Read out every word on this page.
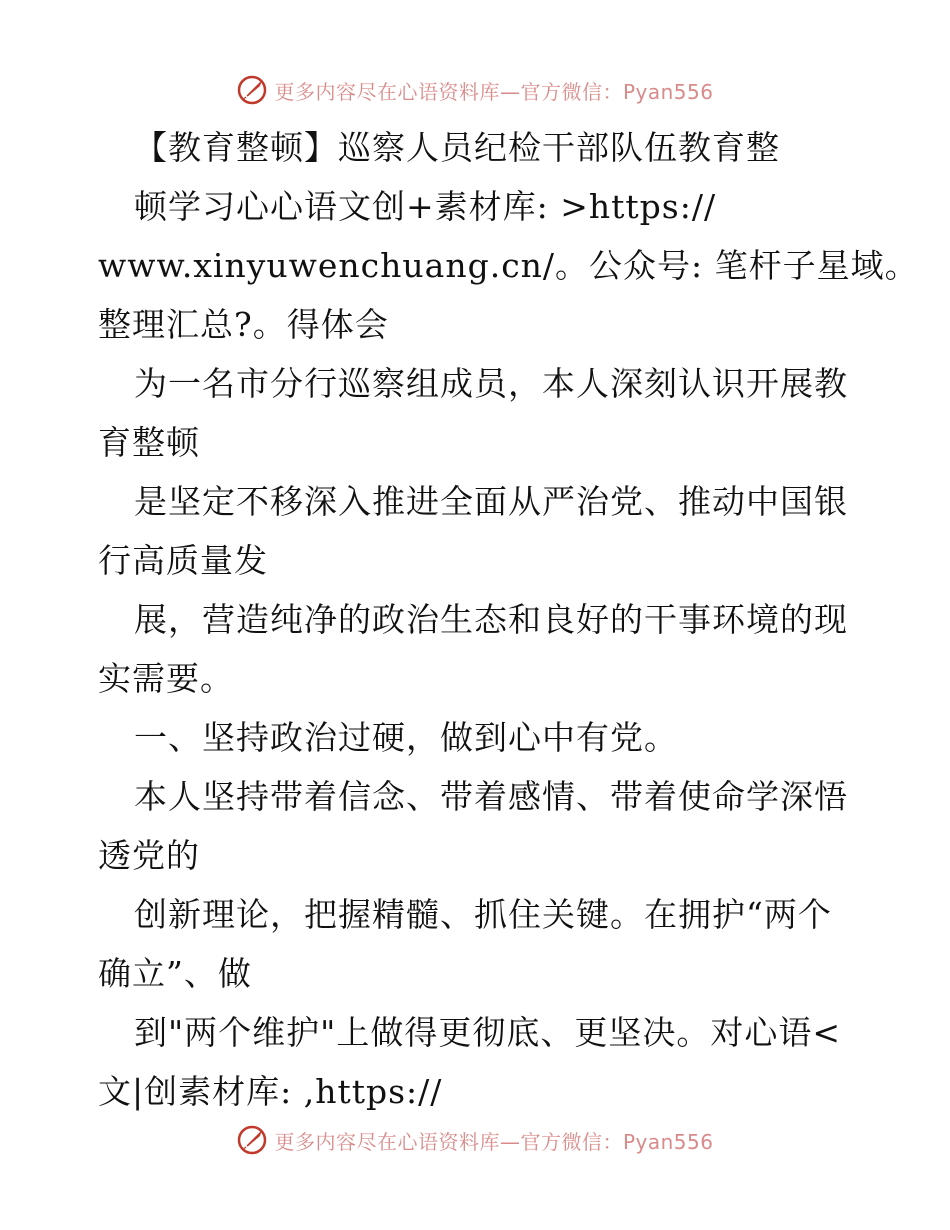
更多内容尽在心语资料库—官方微信：Pyan556
【教育整顿】巡察人员纪检干部队伍教育整
顿学习心心语文创+素材库: >https://
www.xinyuwenchuang.cn/。公众号: 笔杆子星域。
整理汇总?。得体会
为一名市分行巡察组成员，本人深刻认识开展教
育整顿
是坚定不移深入推进全面从严治党、推动中国银
行高质量发
展，营造纯净的政治生态和良好的干事环境的现
实需要。
一、坚持政治过硬，做到心中有党。
本人坚持带着信念、带着感情、带着使命学深悟
透党的
创新理论，把握精髓、抓住关键。在拥护“两个
确立”、做
到"两个维护"上做得更彻底、更坚决。对心语<
文|创素材库: ,https://
更多内容尽在心语资料库—官方微信：Pyan556
